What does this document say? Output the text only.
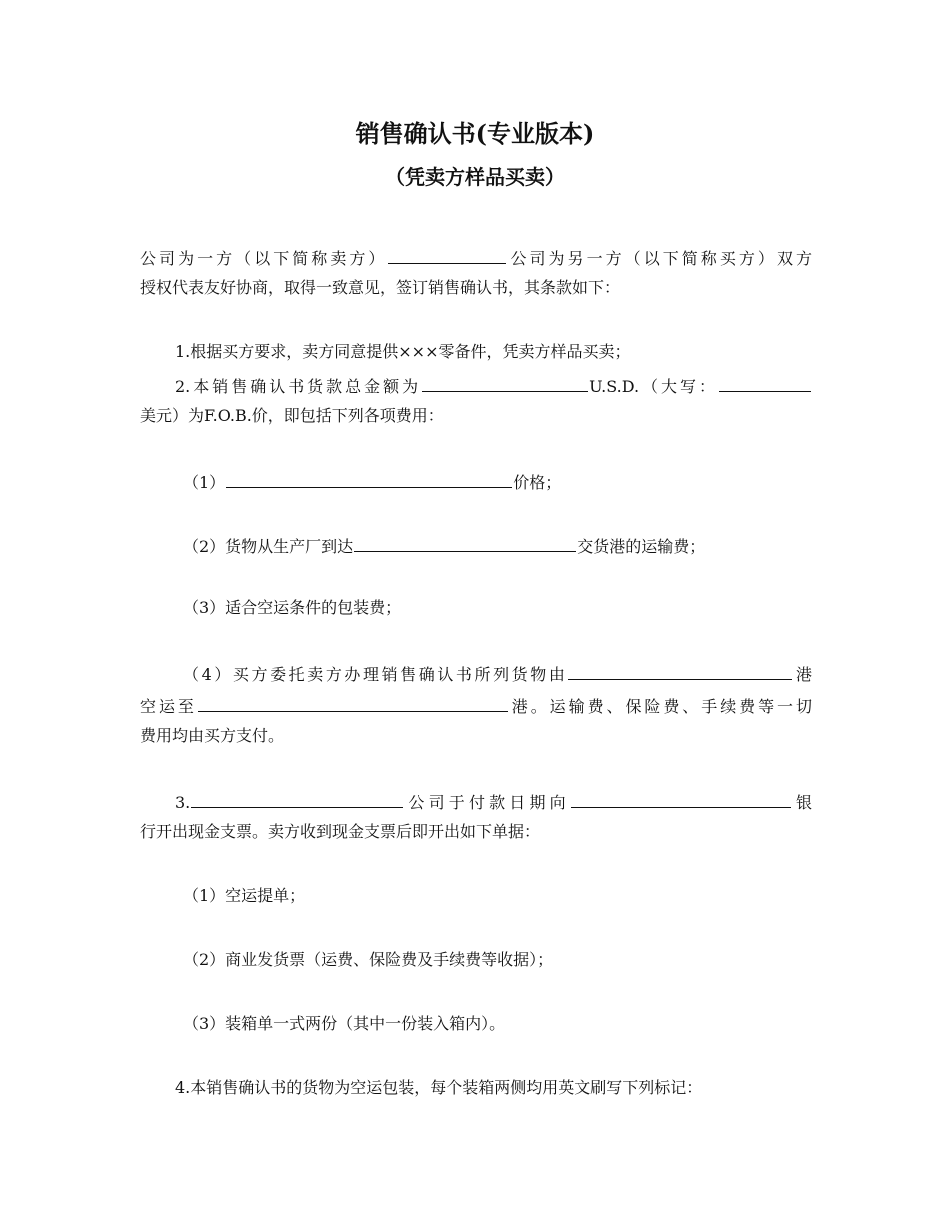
销售确认书(专业版本)
（凭卖方样品买卖）

公司为一方（以下简称卖方）	公司为另一方（以下简称买方）双方

授权代表友好协商，取得一致意见，签订销售确认书，其条款如下：

1.根据买方要求，卖方同意提供×××零备件，凭卖方样品买卖；

2.本销售确认书货款总金额为	U.S.D.（大写：

美元）为F.O.B.价，即包括下列各项费用：

（1）	价格；

（2）货物从生产厂到达	交货港的运输费；

（3）适合空运条件的包装费；

（4）买方委托卖方办理销售确认书所列货物由	港

空运至	港。运输费、保险费、手续费等一切

费用均由买方支付。

3.	公司于付款日期向	银

行开出现金支票。卖方收到现金支票后即开出如下单据：

（1）空运提单；

（2）商业发货票（运费、保险费及手续费等收据）；

（3）装箱单一式两份（其中一份装入箱内）。

4.本销售确认书的货物为空运包装，每个装箱两侧均用英文刷写下列标记：
